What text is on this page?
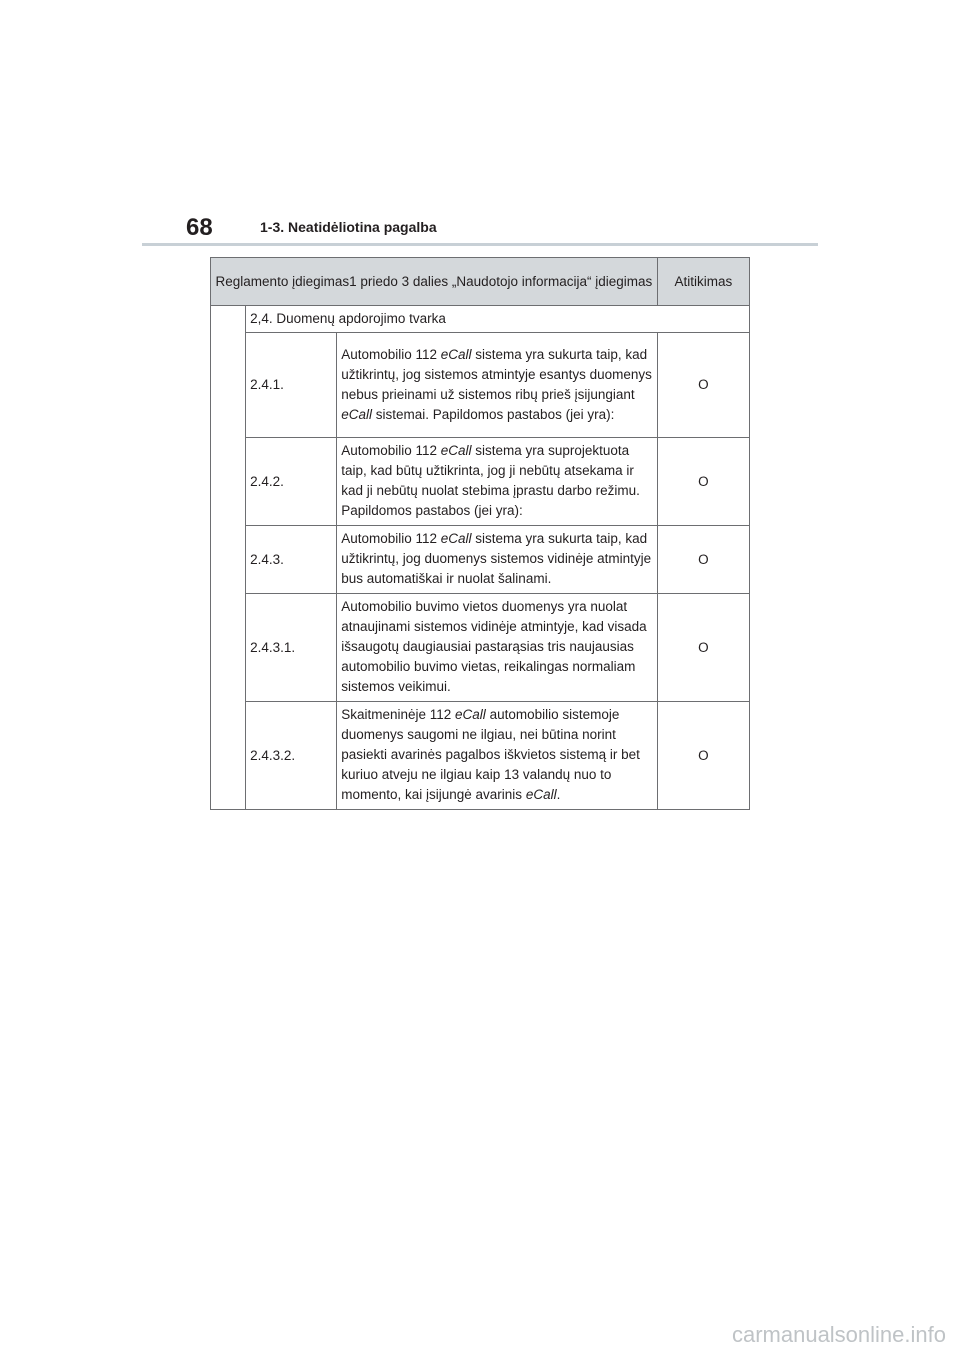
68	1-3. Neatidėliotina pagalba
Reglamento įdiegimas1 priedo 3 dalies „Naudotojo informacija“ įdiegimas			Atitikimas
	2,4. Duomenų apdorojimo tvarka		
	2.4.1.	Automobilio 112 eCall sistema yra sukurta taip, kad užtikrintų, jog sistemos atmintyje esantys duomenys nebus prieinami už sistemos ribų prieš įsijungiant eCall sistemai. Papildomos pastabos (jei yra):	O
	2.4.2.	Automobilio 112 eCall sistema yra suprojektuota taip, kad būtų užtikrinta, jog ji nebūtų atsekama ir kad ji nebūtų nuolat stebima įprastu darbo režimu. Papildomos pastabos (jei yra):	O
	2.4.3.	Automobilio 112 eCall sistema yra sukurta taip, kad užtikrintų, jog duomenys sistemos vidinėje atmintyje bus automatiškai ir nuolat šalinami.	O
	2.4.3.1.	Automobilio buvimo vietos duomenys yra nuolat atnaujinami sistemos vidinėje atmintyje, kad visada išsaugotų daugiausiai pastarąsias tris naujausias automobilio buvimo vietas, reikalingas normaliam sistemos veikimui.	O
	2.4.3.2.	Skaitmeninėje 112 eCall automobilio sistemoje duomenys saugomi ne ilgiau, nei būtina norint pasiekti avarinės pagalbos iškvietos sistemą ir bet kuriuo atveju ne ilgiau kaip 13 valandų nuo to momento, kai įsijungė avarinis eCall.	O
carmanualsonline.info
